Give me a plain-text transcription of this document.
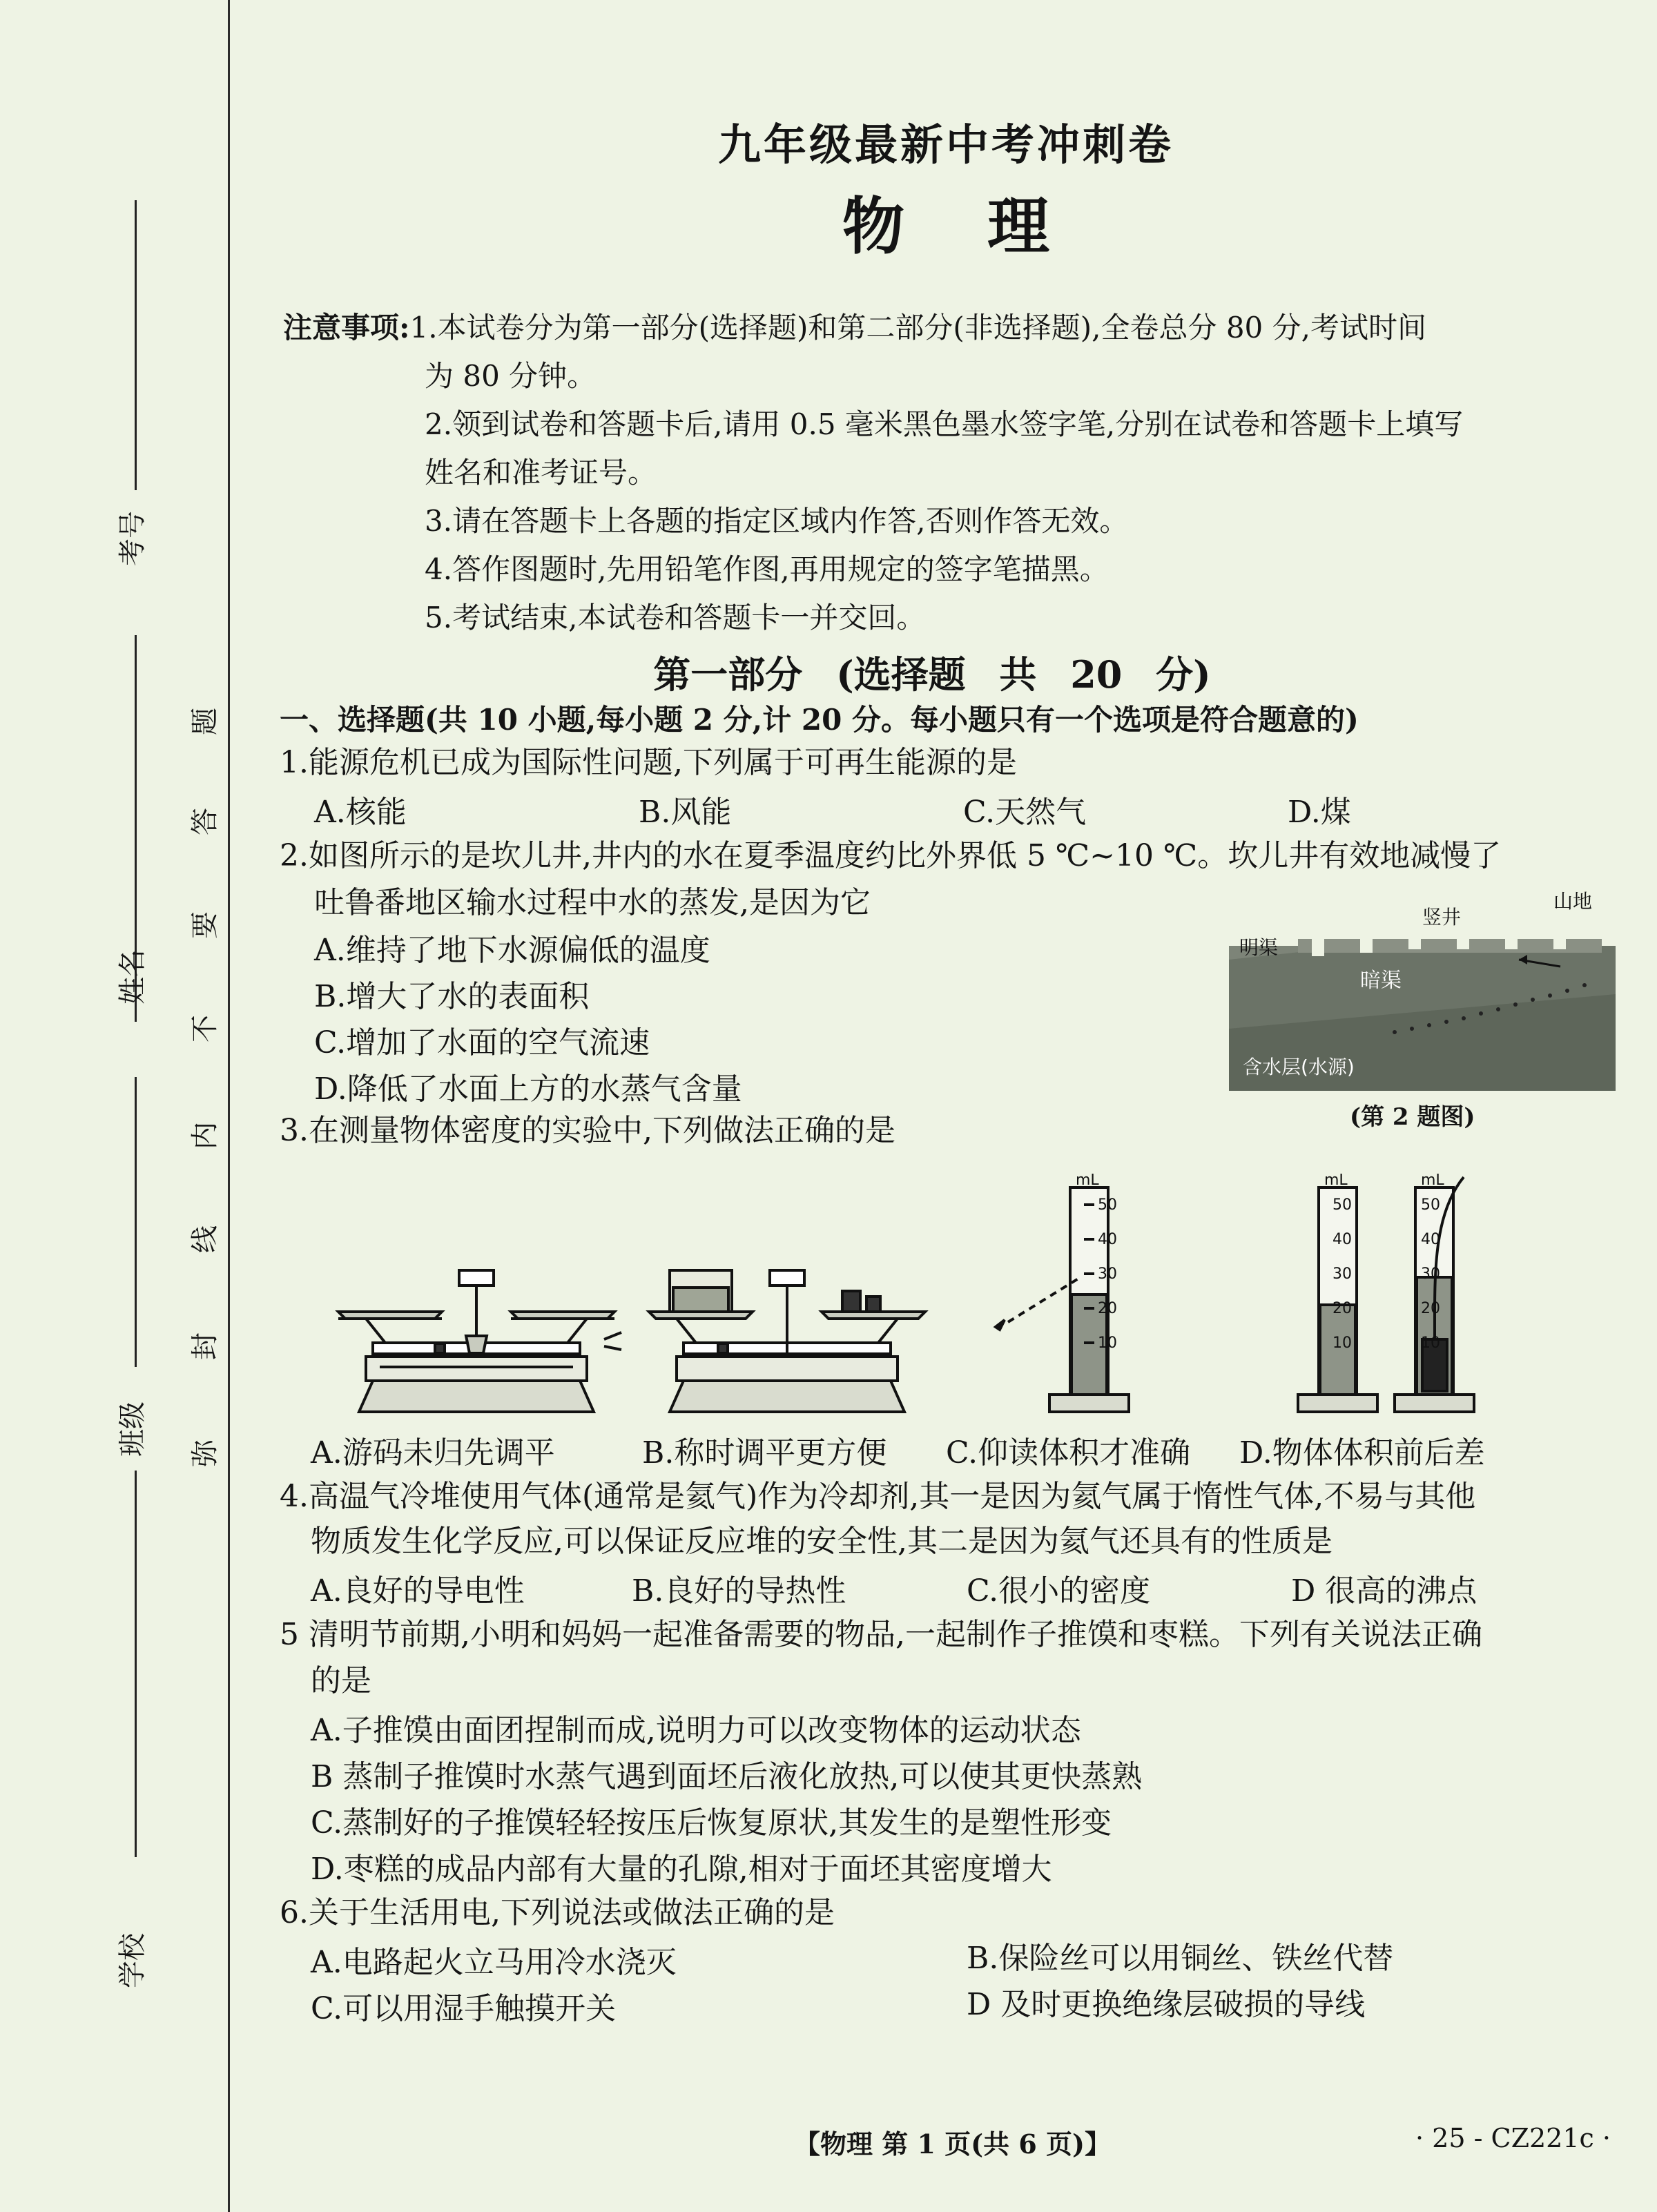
考号
姓名
班级
学校
题
答
要
不
内
线
封
弥
九年级最新中考冲刺卷
物理
注意事项:1.本试卷分为第一部分(选择题)和第二部分(非选择题),全卷总分 80 分,考试时间
为 80 分钟。
2.领到试卷和答题卡后,请用 0.5 毫米黑色墨水签字笔,分别在试卷和答题卡上填写
姓名和准考证号。
3.请在答题卡上各题的指定区域内作答,否则作答无效。
4.答作图题时,先用铅笔作图,再用规定的签字笔描黑。
5.考试结束,本试卷和答题卡一并交回。
第一部分 (选择题 共 20 分)
一、选择题(共 10 小题,每小题 2 分,计 20 分。每小题只有一个选项是符合题意的)
1.能源危机已成为国际性问题,下列属于可再生能源的是
A.核能	B.风能	C.天然气	D.煤
2.如图所示的是坎儿井,井内的水在夏季温度约比外界低 5 ℃~10 ℃。坎儿井有效地减慢了
吐鲁番地区输水过程中水的蒸发,是因为它
A.维持了地下水源偏低的温度
B.增大了水的表面积
C.增加了水面的空气流速
D.降低了水面上方的水蒸气含量
竖井
山地
明渠
暗渠
含水层(水源)
(第 2 题图)
3.在测量物体密度的实验中,下列做法正确的是
mL
50
40
30
20
10
mL
50
40
30
20
10
mL
50
40
30
20
10
A.游码未归先调平	B.称时调平更方便 C.仰读体积才准确 D.物体体积前后差
4.高温气冷堆使用气体(通常是氦气)作为冷却剂,其一是因为氦气属于惰性气体,不易与其他
物质发生化学反应,可以保证反应堆的安全性,其二是因为氦气还具有的性质是
A.良好的导电性	B.良好的导热性	C.很小的密度	D 很高的沸点
5 清明节前期,小明和妈妈一起准备需要的物品,一起制作子推馍和枣糕。下列有关说法正确
的是
A.子推馍由面团捏制而成,说明力可以改变物体的运动状态
B 蒸制子推馍时水蒸气遇到面坯后液化放热,可以使其更快蒸熟
C.蒸制好的子推馍轻轻按压后恢复原状,其发生的是塑性形变
D.枣糕的成品内部有大量的孔隙,相对于面坯其密度增大
6.关于生活用电,下列说法或做法正确的是
A.电路起火立马用冷水浇灭	B.保险丝可以用铜丝、铁丝代替
C.可以用湿手触摸开关	D 及时更换绝缘层破损的导线
【物理 第 1 页(共 6 页)】	· 25 - CZ221c ·
